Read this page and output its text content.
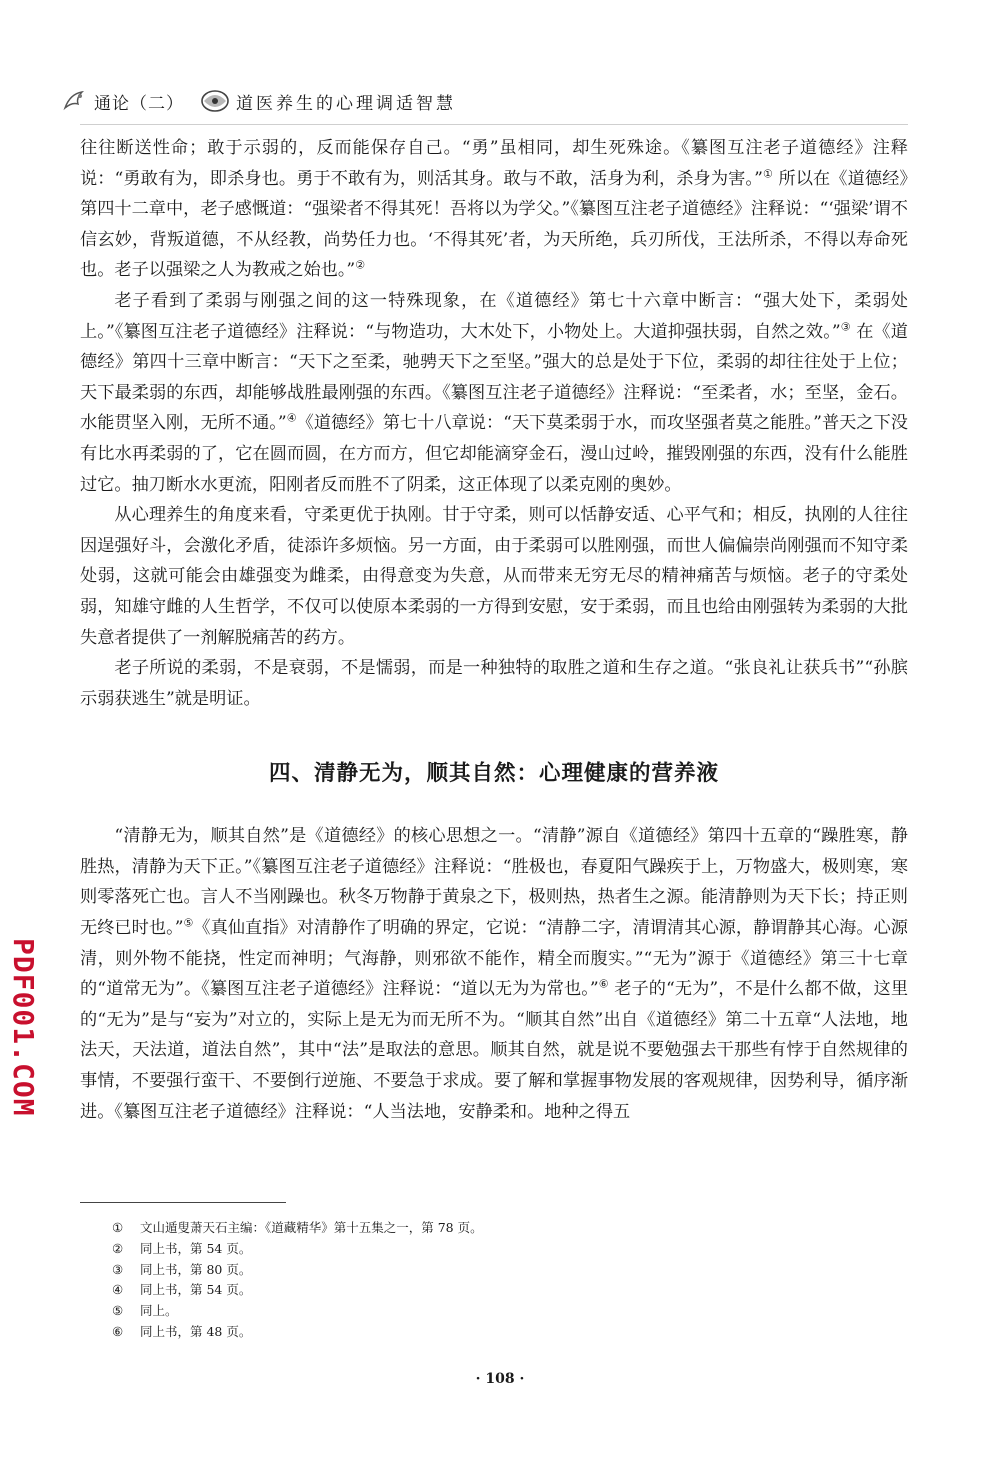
通论（二）	道医养生的心理调适智慧

往往断送性命；敢于示弱的，反而能保存自己。“勇”虽相同，却生死殊途。《纂图互注老子道德经》注释说：“勇敢有为，即杀身也。勇于不敢有为，则活其身。敢与不敢，活身为利，杀身为害。”① 所以在《道德经》第四十二章中，老子感慨道：“强梁者不得其死！吾将以为学父。”《纂图互注老子道德经》注释说：“‘强梁’谓不信玄妙，背叛道德，不从经教，尚势任力也。‘不得其死’者，为天所绝，兵刃所伐，王法所杀，不得以寿命死也。老子以强梁之人为教戒之始也。”②

老子看到了柔弱与刚强之间的这一特殊现象，在《道德经》第七十六章中断言：“强大处下，柔弱处上。”《纂图互注老子道德经》注释说：“与物造功，大木处下，小物处上。大道抑强扶弱，自然之效。”③ 在《道德经》第四十三章中断言：“天下之至柔，驰骋天下之至坚。”强大的总是处于下位，柔弱的却往往处于上位；天下最柔弱的东西，却能够战胜最刚强的东西。《纂图互注老子道德经》注释说：“至柔者，水；至坚，金石。水能贯坚入刚，无所不通。”④《道德经》第七十八章说：“天下莫柔弱于水，而攻坚强者莫之能胜。”普天之下没有比水再柔弱的了，它在圆而圆，在方而方，但它却能滴穿金石，漫山过岭，摧毁刚强的东西，没有什么能胜过它。抽刀断水水更流，阳刚者反而胜不了阴柔，这正体现了以柔克刚的奥妙。

从心理养生的角度来看，守柔更优于执刚。甘于守柔，则可以恬静安适、心平气和；相反，执刚的人往往因逞强好斗，会激化矛盾，徒添许多烦恼。另一方面，由于柔弱可以胜刚强，而世人偏偏崇尚刚强而不知守柔处弱，这就可能会由雄强变为雌柔，由得意变为失意，从而带来无穷无尽的精神痛苦与烦恼。老子的守柔处弱，知雄守雌的人生哲学，不仅可以使原本柔弱的一方得到安慰，安于柔弱，而且也给由刚强转为柔弱的大批失意者提供了一剂解脱痛苦的药方。

老子所说的柔弱，不是衰弱，不是懦弱，而是一种独特的取胜之道和生存之道。“张良礼让获兵书”“孙膑示弱获逃生”就是明证。

四、清静无为，顺其自然：心理健康的营养液

“清静无为，顺其自然”是《道德经》的核心思想之一。“清静”源自《道德经》第四十五章的“躁胜寒，静胜热，清静为天下正。”《纂图互注老子道德经》注释说：“胜极也，春夏阳气躁疾于上，万物盛大，极则寒，寒则零落死亡也。言人不当刚躁也。秋冬万物静于黄泉之下，极则热，热者生之源。能清静则为天下长；持正则无终已时也。”⑤《真仙直指》对清静作了明确的界定，它说：“清静二字，清谓清其心源，静谓静其心海。心源清，则外物不能挠，性定而神明；气海静，则邪欲不能作，精全而腹实。”“无为”源于《道德经》第三十七章的“道常无为”。《纂图互注老子道德经》注释说：“道以无为为常也。”⑥ 老子的“无为”，不是什么都不做，这里的“无为”是与“妄为”对立的，实际上是无为而无所不为。“顺其自然”出自《道德经》第二十五章“人法地，地法天，天法道，道法自然”，其中“法”是取法的意思。顺其自然，就是说不要勉强去干那些有悖于自然规律的事情，不要强行蛮干、不要倒行逆施、不要急于求成。要了解和掌握事物发展的客观规律，因势利导，循序渐进。《纂图互注老子道德经》注释说：“人当法地，安静柔和。地种之得五

①	文山遁叟萧天石主编：《道藏精华》第十五集之一，第 78 页。
②	同上书，第 54 页。
③	同上书，第 80 页。
④	同上书，第 54 页。
⑤	同上。
⑥	同上书，第 48 页。
· 108 ·
PDF001.COM
